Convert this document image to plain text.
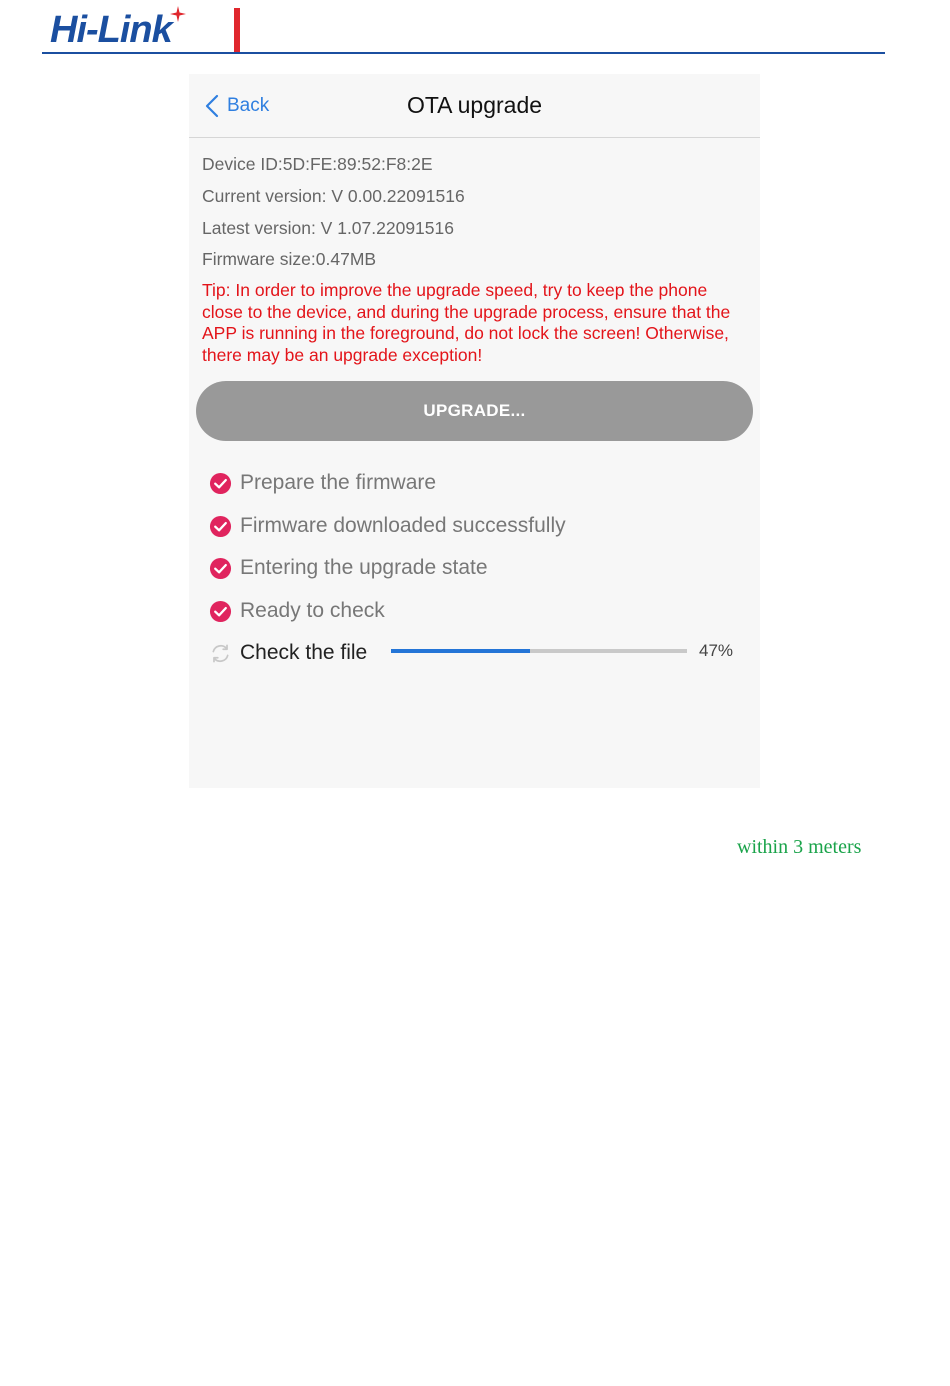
Hi-Link
Back	OTA upgrade
Device ID:5D:FE:89:52:F8:2E
Current version: V 0.00.22091516
Latest version: V 1.07.22091516
Firmware size:0.47MB
Tip: In order to improve the upgrade speed, try to keep the phone close to the device, and during the upgrade process, ensure that the APP is running in the foreground, do not lock the screen! Otherwise, there may be an upgrade exception!
UPGRADE...
Prepare the firmware
Firmware downloaded successfully
Entering the upgrade state
Ready to check
Check the file	47%
within 3 meters
